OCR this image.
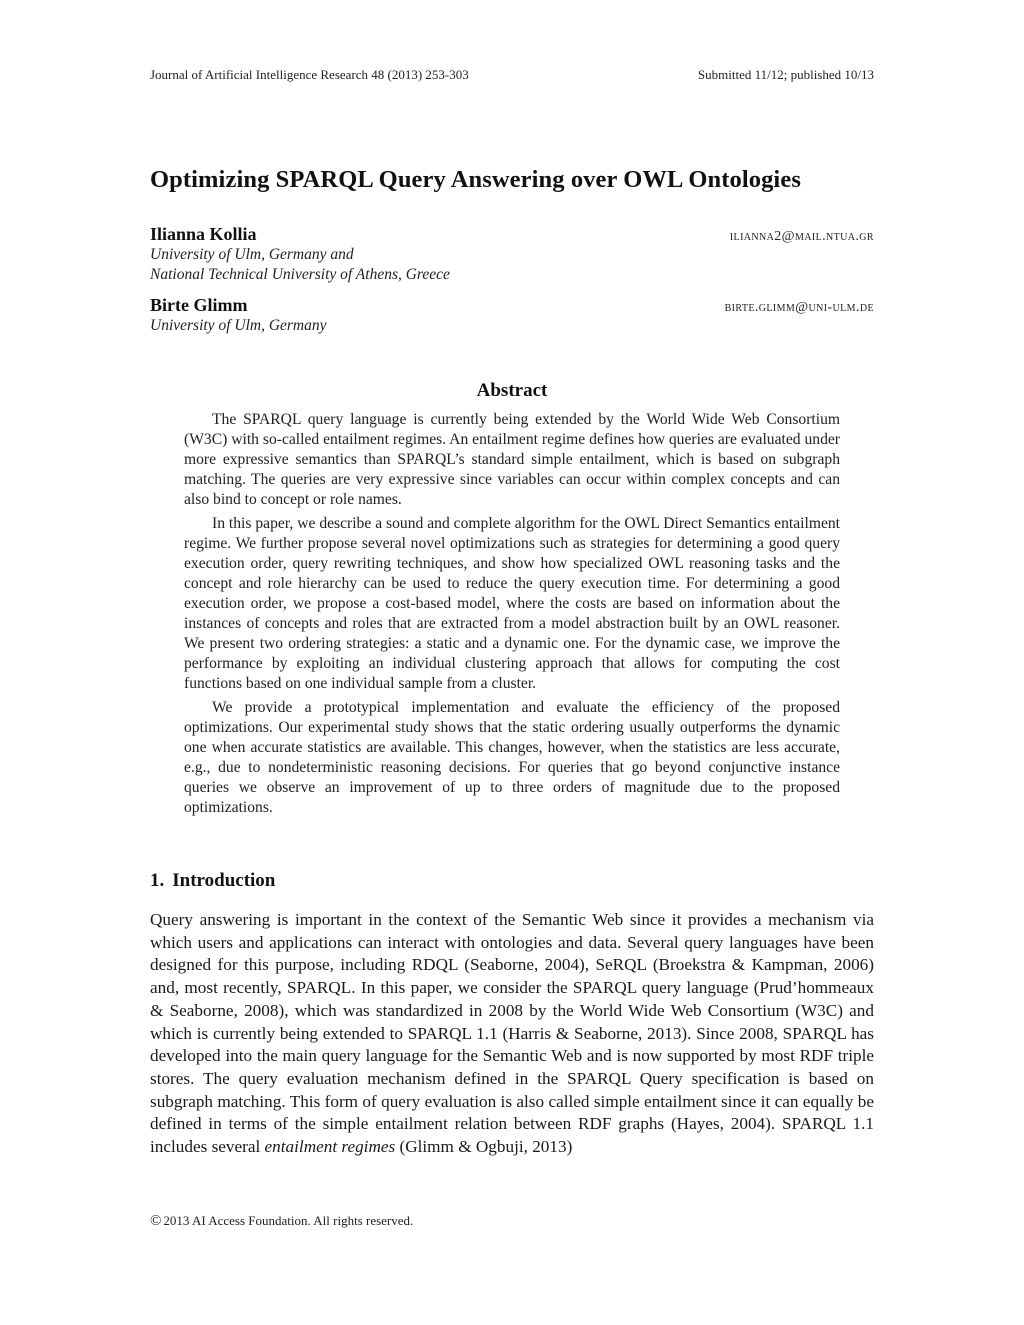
Journal of Artificial Intelligence Research 48 (2013) 253-303	Submitted 11/12; published 10/13
Optimizing SPARQL Query Answering over OWL Ontologies
Ilianna Kollia	ilianna2@mail.ntua.gr
University of Ulm, Germany and
National Technical University of Athens, Greece
Birte Glimm	birte.glimm@uni-ulm.de
University of Ulm, Germany
Abstract

The SPARQL query language is currently being extended by the World Wide Web Consortium (W3C) with so-called entailment regimes. An entailment regime defines how queries are evaluated under more expressive semantics than SPARQL’s standard simple entailment, which is based on subgraph matching. The queries are very expressive since variables can occur within complex concepts and can also bind to concept or role names.

In this paper, we describe a sound and complete algorithm for the OWL Direct Semantics entailment regime. We further propose several novel optimizations such as strategies for determining a good query execution order, query rewriting techniques, and show how specialized OWL reasoning tasks and the concept and role hierarchy can be used to reduce the query execution time. For determining a good execution order, we propose a cost-based model, where the costs are based on information about the instances of concepts and roles that are extracted from a model abstraction built by an OWL reasoner. We present two ordering strategies: a static and a dynamic one. For the dynamic case, we improve the performance by exploiting an individual clustering approach that allows for computing the cost functions based on one individual sample from a cluster.

We provide a prototypical implementation and evaluate the efficiency of the proposed optimizations. Our experimental study shows that the static ordering usually outperforms the dynamic one when accurate statistics are available. This changes, however, when the statistics are less accurate, e.g., due to nondeterministic reasoning decisions. For queries that go beyond conjunctive instance queries we observe an improvement of up to three orders of magnitude due to the proposed optimizations.

1. Introduction

Query answering is important in the context of the Semantic Web since it provides a mechanism via which users and applications can interact with ontologies and data. Several query languages have been designed for this purpose, including RDQL (Seaborne, 2004), SeRQL (Broekstra & Kampman, 2006) and, most recently, SPARQL. In this paper, we consider the SPARQL query language (Prud’hommeaux & Seaborne, 2008), which was standardized in 2008 by the World Wide Web Consortium (W3C) and which is currently being extended to SPARQL 1.1 (Harris & Seaborne, 2013). Since 2008, SPARQL has developed into the main query language for the Semantic Web and is now supported by most RDF triple stores. The query evaluation mechanism defined in the SPARQL Query specification is based on subgraph matching. This form of query evaluation is also called simple entailment since it can equally be defined in terms of the simple entailment relation between RDF graphs (Hayes, 2004). SPARQL 1.1 includes several entailment regimes (Glimm & Ogbuji, 2013)

© 2013 AI Access Foundation. All rights reserved.
